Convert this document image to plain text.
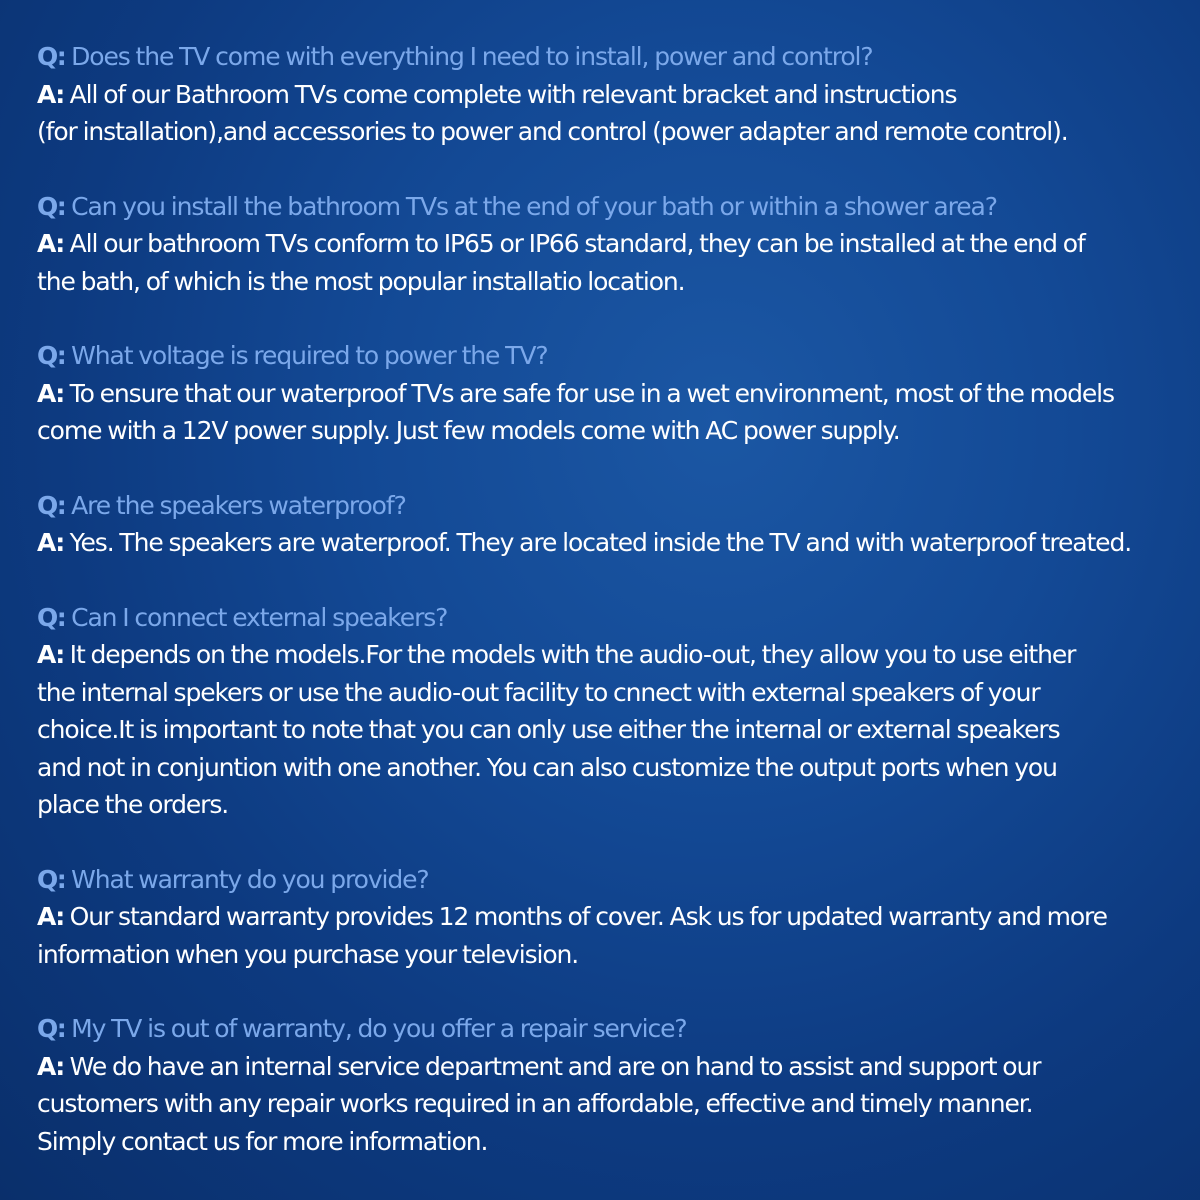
Q: Does the TV come with everything I need to install, power and control?
A: All of our Bathroom TVs come complete with relevant bracket and instructions
(for installation),and accessories to power and control (power adapter and remote control).
Q: Can you install the bathroom TVs at the end of your bath or within a shower area?
A: All our bathroom TVs conform to IP65 or IP66 standard, they can be installed at the end of
the bath, of which is the most popular installatio location.
Q: What voltage is required to power the TV?
A: To ensure that our waterproof TVs are safe for use in a wet environment, most of the models
come with a 12V power supply. Just few models come with AC power supply.
Q: Are the speakers waterproof?
A: Yes. The speakers are waterproof. They are located inside the TV and with waterproof treated.
Q: Can I connect external speakers?
A: It depends on the models.For the models with the audio-out, they allow you to use either
the internal spekers or use the audio-out facility to cnnect with external speakers of your
choice.It is important to note that you can only use either the internal or external speakers
and not in conjuntion with one another. You can also customize the output ports when you
place the orders.
Q: What warranty do you provide?
A: Our standard warranty provides 12 months of cover. Ask us for updated warranty and more
information when you purchase your television.
Q: My TV is out of warranty, do you offer a repair service?
A: We do have an internal service department and are on hand to assist and support our
customers with any repair works required in an affordable, effective and timely manner.
Simply contact us for more information.
